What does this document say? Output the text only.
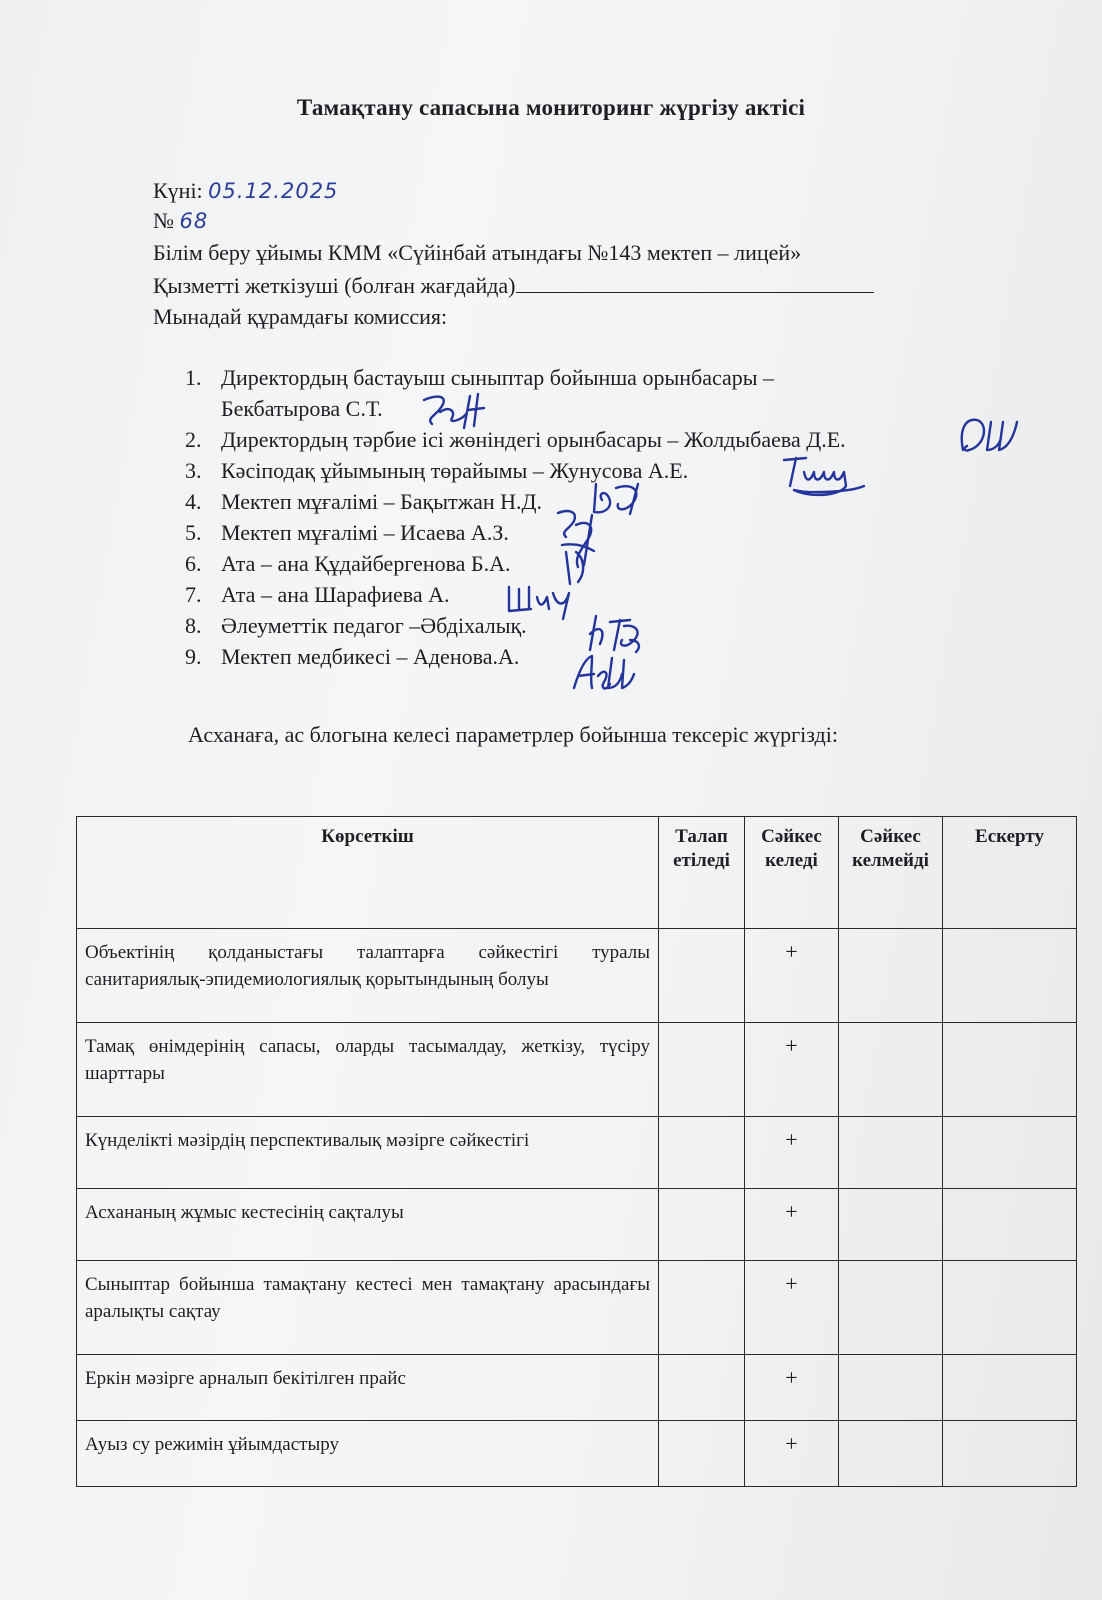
Тамақтану сапасына мониторинг жүргізу актісі
Күні: 05.12.2025
№ 68
Білім беру ұйымы КММ «Сүйінбай атындағы №143 мектеп – лицей»
Қызметті жеткізуші (болған жағдайда)
Мынадай құрамдағы комиссия:
1. Директордың бастауыш сыныптар бойынша орынбасары –
Бекбатырова С.Т.
2. Директордың тәрбие ісі жөніндегі орынбасары – Жолдыбаева Д.Е.
3. Кәсіподақ ұйымының төрайымы – Жунусова А.Е.
4. Мектеп мұғалімі – Бақытжан Н.Д.
5. Мектеп мұғалімі – Исаева А.З.
6. Ата – ана Құдайбергенова Б.А.
7. Ата – ана Шарафиева А.
8. Әлеуметтік педагог –Әбдіхалық.
9. Мектеп медбикесі – Аденова.А.
Асханаға, ас блогына келесі параметрлер бойынша тексеріс жүргізді:
Көрсеткіш	Талап етіледі	Сәйкес келеді	Сәйкес келмейді	Ескерту
Объектінің қолданыстағы талаптарға сәйкестігі туралы санитариялық-эпидемиологиялық қорытындының болуы		+		
Тамақ өнімдерінің сапасы, оларды тасымалдау, жеткізу, түсіру шарттары		+		
Күнделікті мәзірдің перспективалық мәзірге сәйкестігі		+		
Асхананың жұмыс кестесінің сақталуы		+		
Сыныптар бойынша тамақтану кестесі мен тамақтану арасындағы аралықты сақтау		+		
Еркін мәзірге арналып бекітілген прайс		+		
Ауыз су режимін ұйымдастыру		+		
